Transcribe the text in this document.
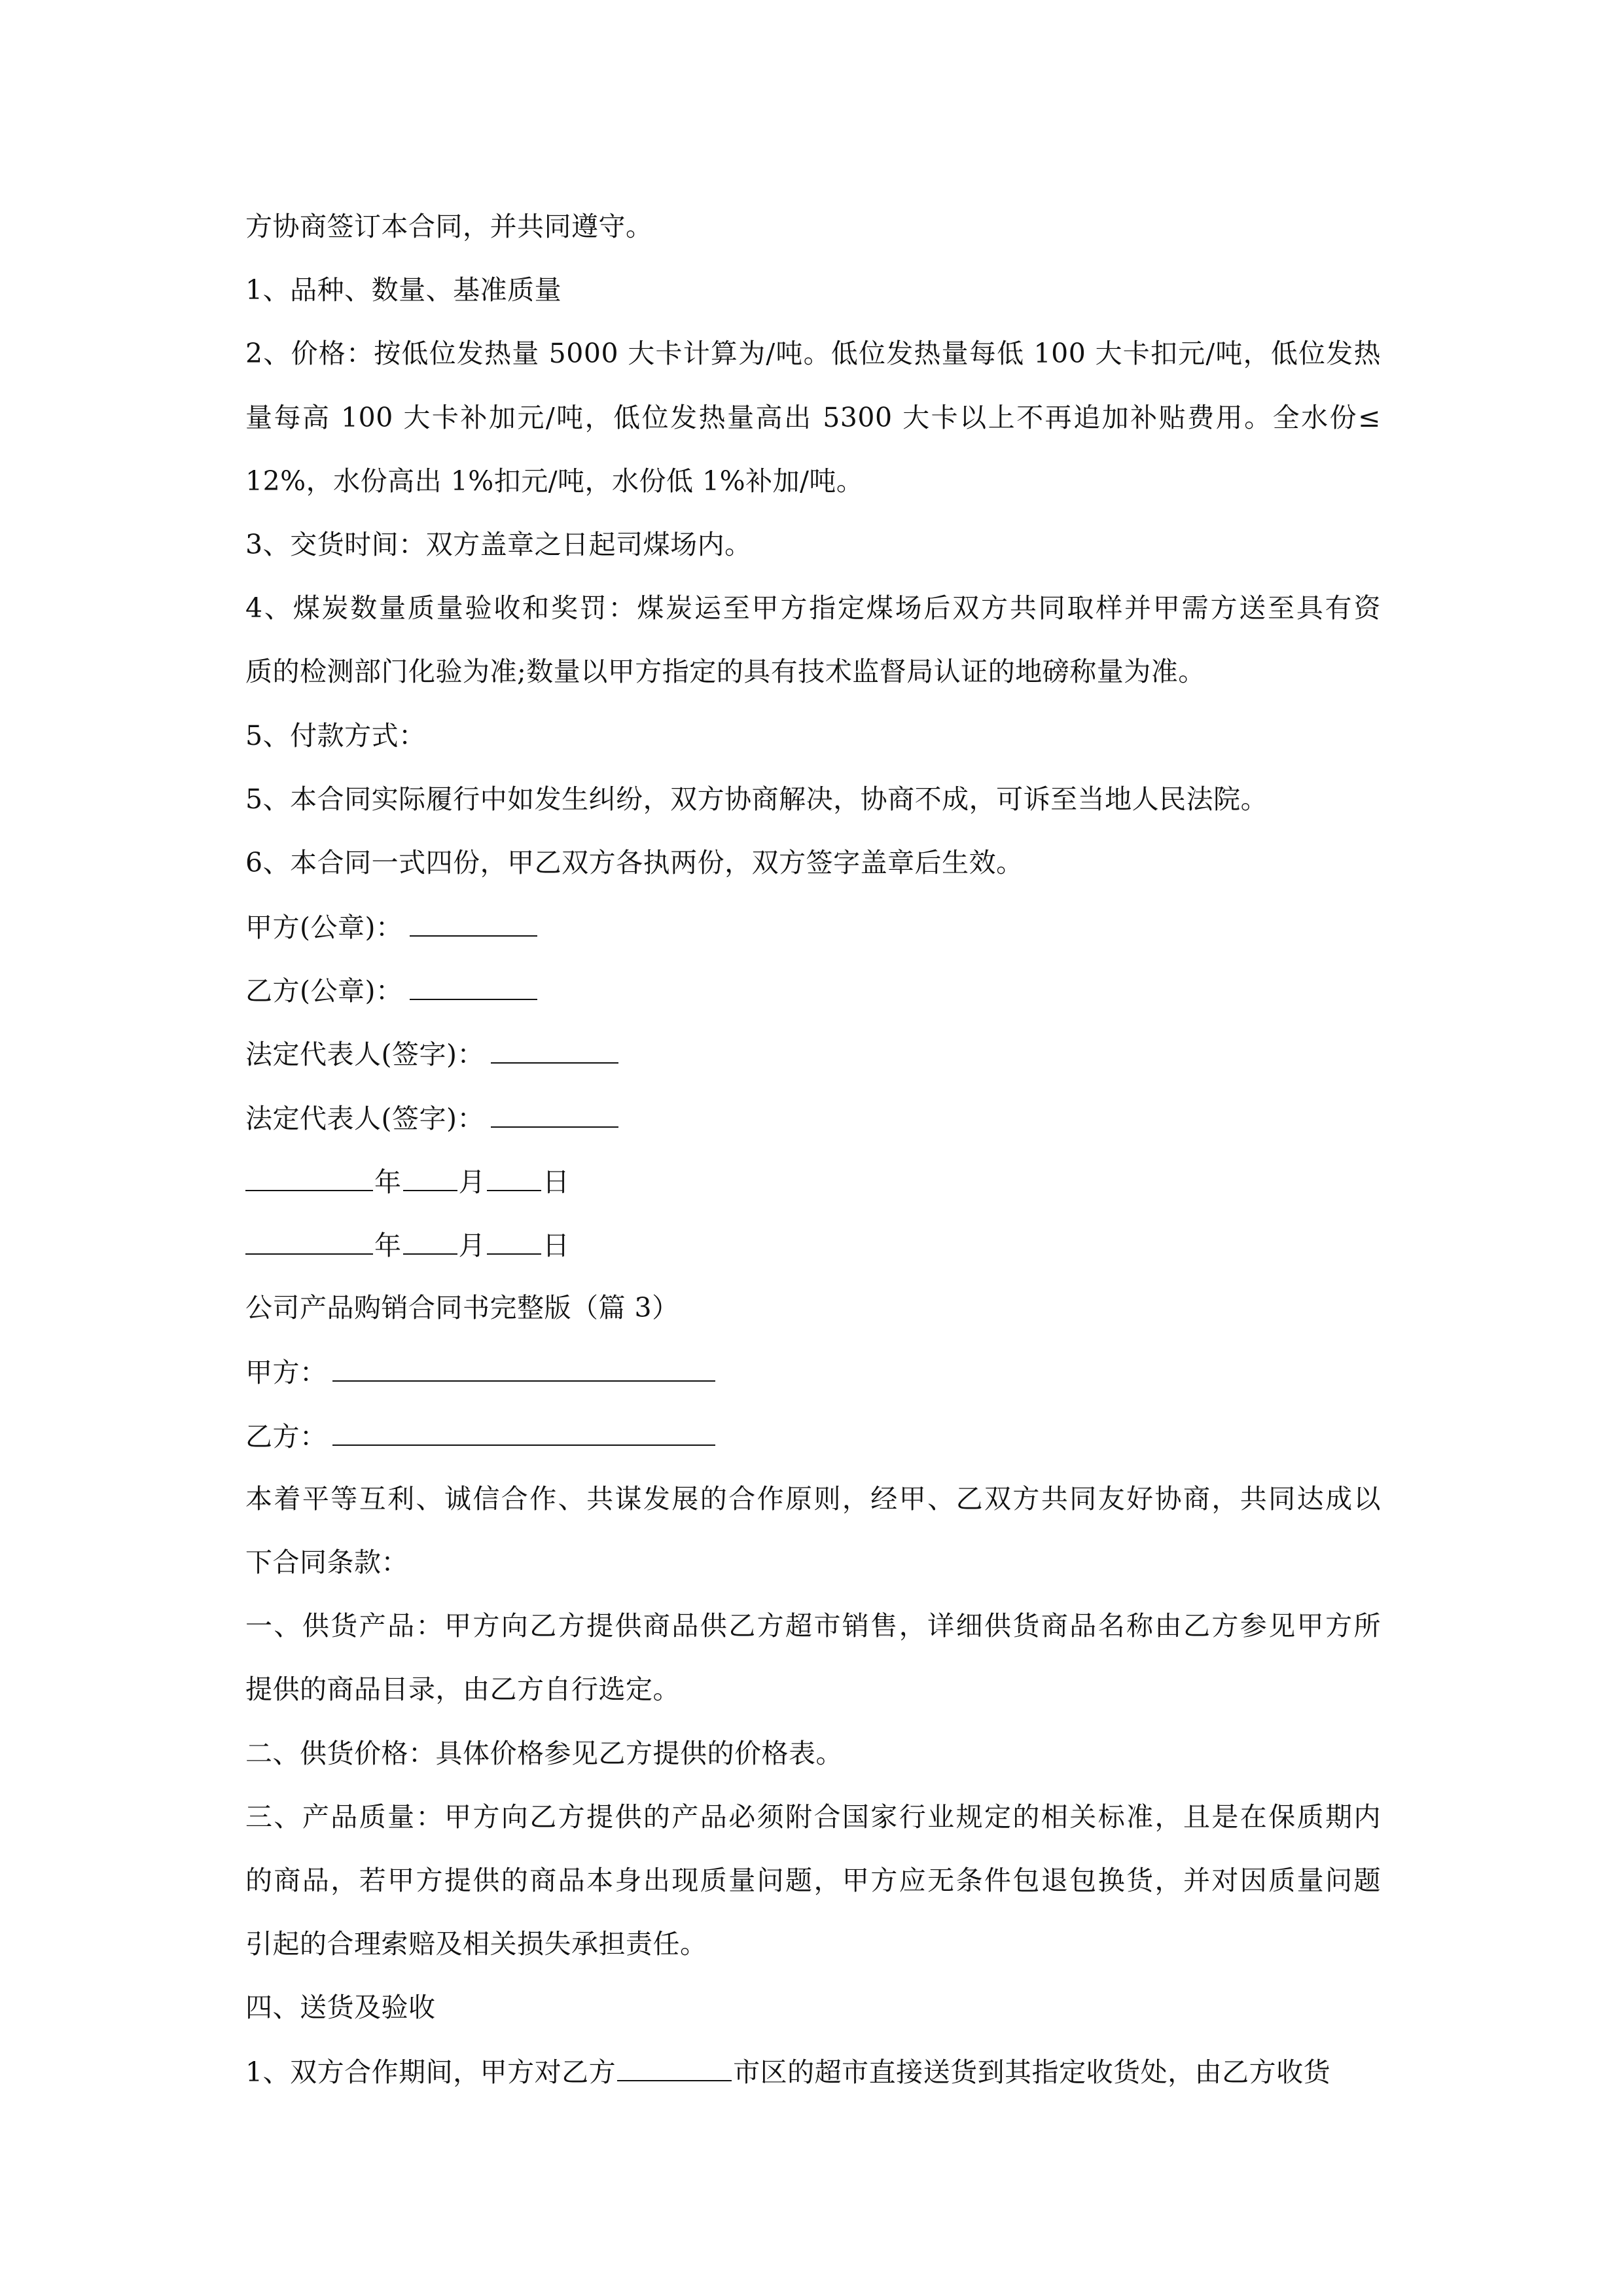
方协商签订本合同，并共同遵守。
1、品种、数量、基准质量
2、价格：按低位发热量 5000 大卡计算为/吨。低位发热量每低 100 大卡扣元/吨，低位发热
量每高 100 大卡补加元/吨，低位发热量高出 5300 大卡以上不再追加补贴费用。全水份≤
12%，水份高出 1%扣元/吨，水份低 1%补加/吨。
3、交货时间：双方盖章之日起司煤场内。
4、煤炭数量质量验收和奖罚：煤炭运至甲方指定煤场后双方共同取样并甲需方送至具有资
质的检测部门化验为准;数量以甲方指定的具有技术监督局认证的地磅称量为准。
5、付款方式：
5、本合同实际履行中如发生纠纷，双方协商解决，协商不成，可诉至当地人民法院。
6、本合同一式四份，甲乙双方各执两份，双方签字盖章后生效。
甲方(公章)：
乙方(公章)：
法定代表人(签字)：
法定代表人(签字)：
年 月 日
年 月 日
公司产品购销合同书完整版（篇 3）
甲方：
乙方：
本着平等互利、诚信合作、共谋发展的合作原则，经甲、乙双方共同友好协商，共同达成以
下合同条款：
一、供货产品：甲方向乙方提供商品供乙方超市销售，详细供货商品名称由乙方参见甲方所
提供的商品目录，由乙方自行选定。
二、供货价格：具体价格参见乙方提供的价格表。
三、产品质量：甲方向乙方提供的产品必须附合国家行业规定的相关标准，且是在保质期内
的商品，若甲方提供的商品本身出现质量问题，甲方应无条件包退包换货，并对因质量问题
引起的合理索赔及相关损失承担责任。
四、送货及验收
1、双方合作期间，甲方对乙方	市区的超市直接送货到其指定收货处，由乙方收货
